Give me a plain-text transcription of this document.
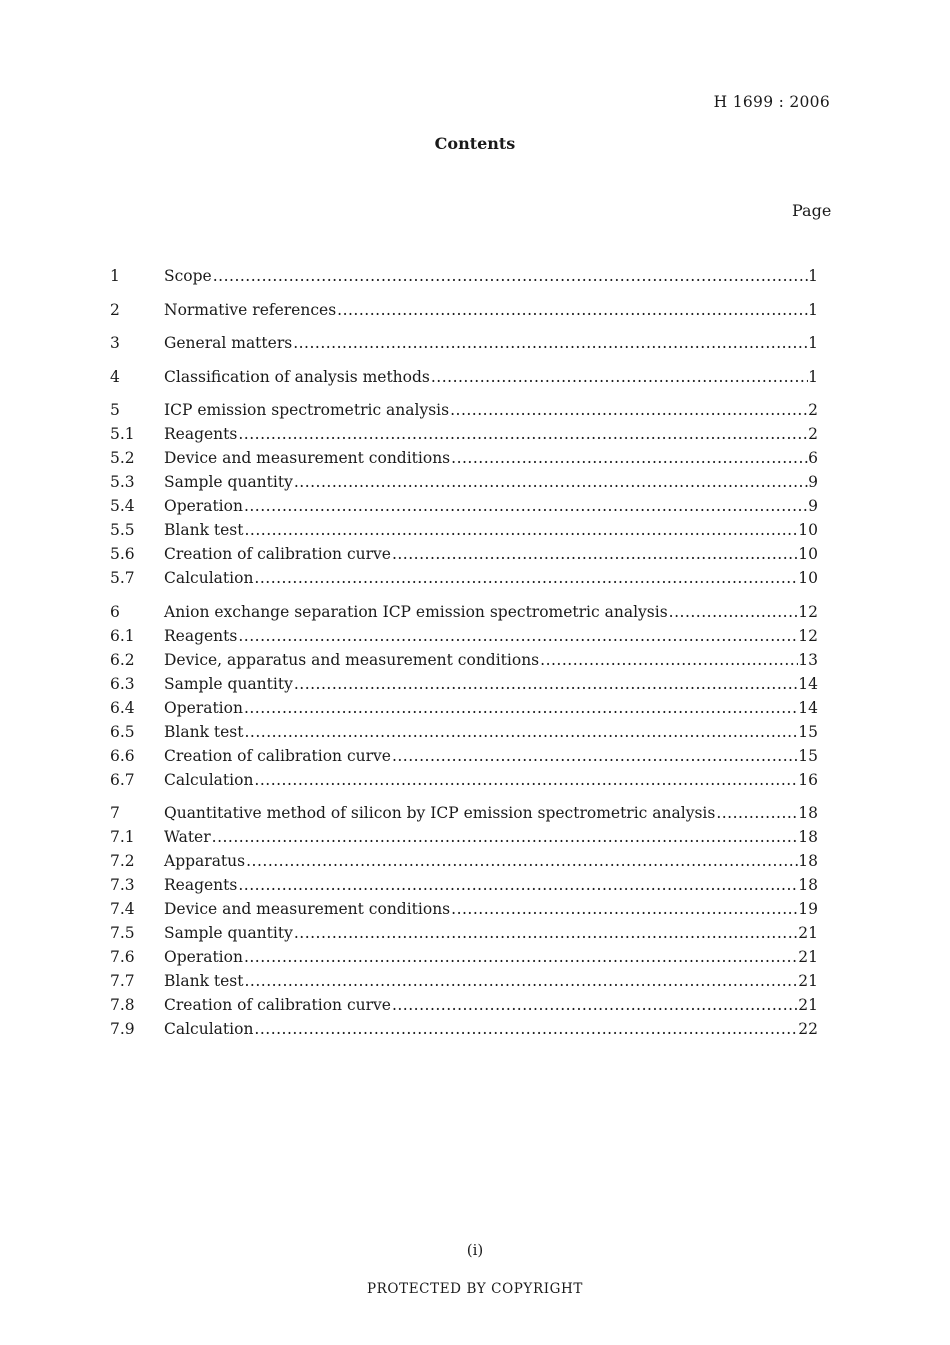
H 1699 : 2006
Contents
Page
1	Scope .....	1
2	Normative references .....	1
3	General matters .....	1
4	Classification of analysis methods .....	1
5	ICP emission spectrometric analysis .....	2
5.1	Reagents .....	2
5.2	Device and measurement conditions .....	6
5.3	Sample quantity .....	9
5.4	Operation .....	9
5.5	Blank test .....	10
5.6	Creation of calibration curve .....	10
5.7	Calculation .....	10
6	Anion exchange separation ICP emission spectrometric analysis .....	12
6.1	Reagents .....	12
6.2	Device, apparatus and measurement conditions .....	13
6.3	Sample quantity .....	14
6.4	Operation .....	14
6.5	Blank test .....	15
6.6	Creation of calibration curve .....	15
6.7	Calculation .....	16
7	Quantitative method of silicon by ICP emission spectrometric analysis .....	18
7.1	Water .....	18
7.2	Apparatus .....	18
7.3	Reagents .....	18
7.4	Device and measurement conditions .....	19
7.5	Sample quantity .....	21
7.6	Operation .....	21
7.7	Blank test .....	21
7.8	Creation of calibration curve .....	21
7.9	Calculation .....	22
(i)
PROTECTED BY COPYRIGHT
